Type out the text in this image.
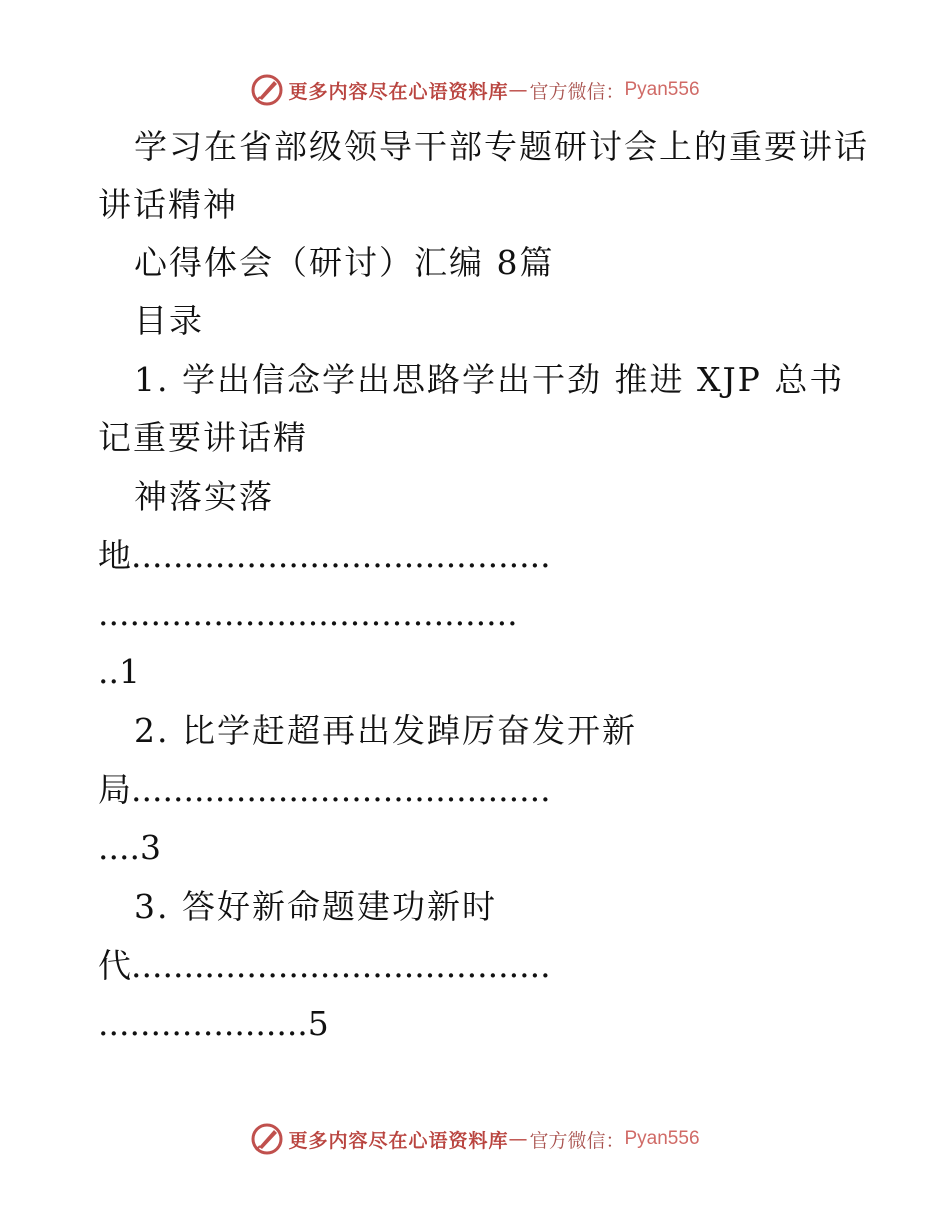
更多内容尽在心语资料库 — 官方微信： Pyan556
学习在省部级领导干部专题研讨会上的重要讲话
讲话精神
心得体会（研讨）汇编 8篇
目录
1. 学出信念学出思路学出干劲 推进 XJP 总书
记重要讲话精
神落实落
地........................................
........................................
..1
2. 比学赶超再出发踔厉奋发开新
局........................................
....3
3. 答好新命题建功新时
代........................................
....................5
更多内容尽在心语资料库 — 官方微信： Pyan556
